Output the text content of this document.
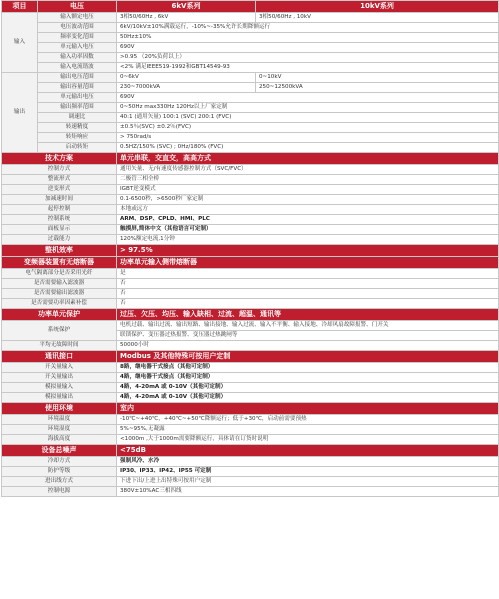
项目	电压	6kV系列	10kV系列
输入	输入额定电压	3相50/60Hz , 6kV	3相50/60Hz , 10kV
	电压波动范围	6kV/10kV±10%满载运行，-10%~-35%允许长期降额运行	
	频率变化范围	50Hz±10%	
	单元输入电压	690V	
	输入功率因数	>0.95 （20%负荷以上）	
	输入电流谐波	<2% 满足IEEE519-1992和GBT14549-93	
输出	输出电压范围	0~6kV	0~10kV
	输出容量范围	230~7000kVA	250~12500kVA
	单元输出电压	690V	
	输出频率范围	0~50Hz max330Hz 120Hz以上厂家定制	
	调速比	40:1 (通用矢量) 100:1 (SVC) 200:1 (FVC)	
	转速精度	±0.5％(SVC) ±0.2％(FVC)	
	转矩响应	> 750rad/s	
	启动转矩	0.5HZ/150% (SVC) ; 0Hz/180% (FVC)	
技术方案		单元串联，交直交，高高方式	
控制方式		通用矢量、无/有速度传感器控制方式（SVC/FVC）	
整流形式		二极管三相全桥	
逆变形式		IGBT逆变模式	
加减速时间		0.1-6500秒，>6500秒厂家定制	
起停控制		本地或远方	
控制系统		ARM、DSP、CPLD、HMI、PLC	
面板显示		触摸屏,简体中文（其他语言可定制）	
过载能力		120%额定电流,1分钟	
整机效率		> 97.5%	
变频器装置有无熔断器		功率单元输入侧带熔断器	
电气隔离部分是否采用光纤		是	
是否需要输入滤波器		否	
是否需要输出滤波器		否	
是否需要功率因素补偿		否	
功率单元保护		过压、欠压、均压、输入缺相、过流、超温、通讯等	
系统保护		电机过载、输出过流、输出短路、输出接地、输入过流、输入不平衡、输入接地、冷却风扇故障报警、门开关	
		联锁保护、变压器过热报警、变压器过热跳闸等	
平均无故障时间		50000小时	
通讯接口		Modbus 及其他特殊可按用户定制	
开关量输入		8路，继电器干式接点（其他可定制）	
开关量输出		4路，继电器干式接点（其他可定制）	
模拟量输入		4路，4-20mA 或 0-10V（其他可定制）	
模拟量输出		4路，4-20mA 或 0-10V（其他可定制）	
使用环境		室内	
环境温度		-10℃~+40℃，+40℃~+50℃降额运行；低于+30℃，启动前需要预热	
环境湿度		5%~95%,无凝露	
海拔高度		<1000m ,大于1000m需要降额运行，具体请在订货时说明	
设备总噪声		<75dB	
冷却方式		强制风冷、水冷	
防护等级		IP30、IP33、IP42、IP55 可定制	
进出线方式		下进下出/上进上出特殊可按用户定制	
控制电源		380V±10%AC三相四线	
